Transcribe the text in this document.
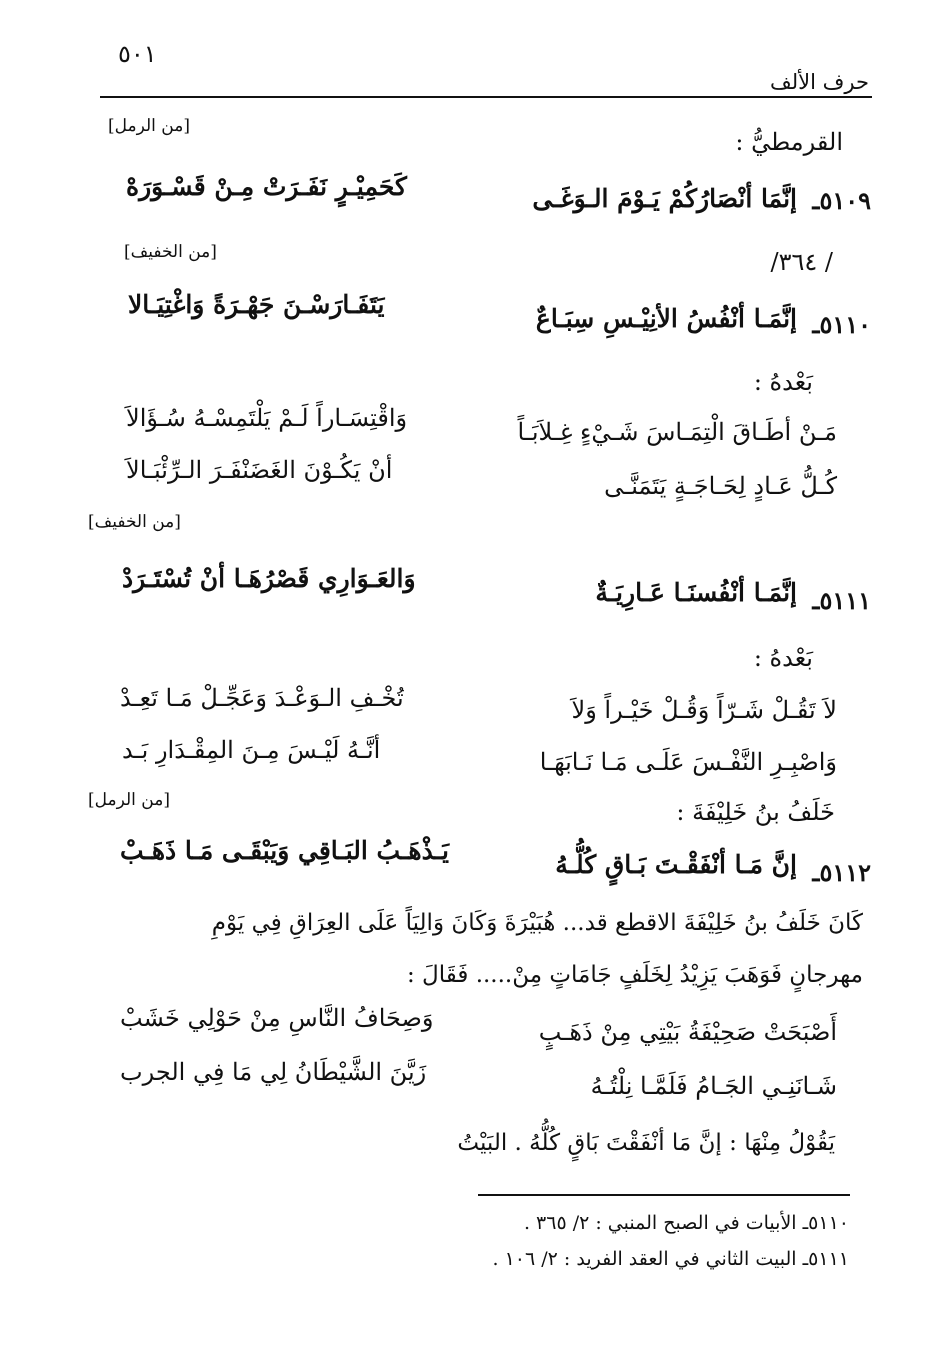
٥٠١
حرف الألف
[من الرمل]
القرمطيُّ :
٥١٠٩ـ
إنَّمَا أنْصَارُكُمْ يَـوْمَ الـوَغَـى
كَحَمِيْـرٍ نَفَـرَتْ مِـنْ قَسْـوَرَهْ
[من الخفيف]	/ ٣٦٤/
٥١١٠ـ
إنَّمَـا أنْفُسُ الأنِيْـسِ سِبَـاعٌ
يَتَفَـارَسْـنَ جَهْـرَةً وَاغْتِيَـالا
بَعْدهُ :
مَـنْ أطَـاقَ الْتِمَـاسَ شَـيْءٍ غِـلاَبَـاً
وَاقْتِسَـاراً لَـمْ يَلْتَمِسْـهُ سُـؤَالاَ
كُـلُّ عَـادٍ لِحَـاجَـةٍ يَتَمَنَّـى
أنْ يَكُـوْنَ الغَضَنْفَـرَ الـرِّئْبَـالاَ
[من الخفيف]
٥١١١ـ
إنَّمَـا أنْفُسنَـا عَـارِيَـةٌ
وَالعَـوَارِي قَصْرُهَـا أنْ تُسْتَـرَدْ
بَعْدهُ :
لاَ تَقُـلْ شَـرّاً وَقُـلْ خَيْـراً وَلاَ
تُخْـفِ الـوَعْـدَ وَعَجِّـلْ مَـا تَعِـدْ
وَاصْبِـرِ النَّفْـسَ عَلَـى مَـا نَـابَهَـا
أنَّـهُ لَيْـسَ مِـنَ المِقْـدَارِ بَـد
[من الرمل]	خَلَفُ بنُ خَلِيْفَةَ :
٥١١٢ـ
إنَّ مَـا أنْفَقْـتَ بَـاقٍ كُلُّـهُ
يَـذْهَـبُ البَـاقِي وَيَبْقَـى مَـا ذَهَـبْ
كَانَ خَلَفُ بنُ خَلِيْفَةَ الاقطع قد... هُبَيْرَةَ وَكَانَ وَالِيَاً عَلَى العِرَاقِ فِي يَوْمِ
مهرجانٍ فَوَهَبَ يَزِيْدُ لِخَلَفٍ جَامَاتٍ مِنْ..... فَقَالَ :
أَصْبَحَتْ صَحِيْفَةُ بَيْتِي مِنْ ذَهَـبٍ
وَصِحَافُ النَّاسِ مِنْ حَوْلِي خَشَبْ
شَـانَنِـي الجَـامُ فَلَمَّـا نِلْتُـهُ
زَيَّنَ الشَّيْطَانُ لِي مَا فِي الجرب
يَقُوْلُ مِنْهَا : إنَّ مَا أنْفَقْتَ بَاقٍ كُلُّهُ . البَيْتُ
٥١١٠ـ الأبيات في الصبح المنبي : ٢/ ٣٦٥ .
٥١١١ـ البيت الثاني في العقد الفريد : ٢/ ١٠٦ .
